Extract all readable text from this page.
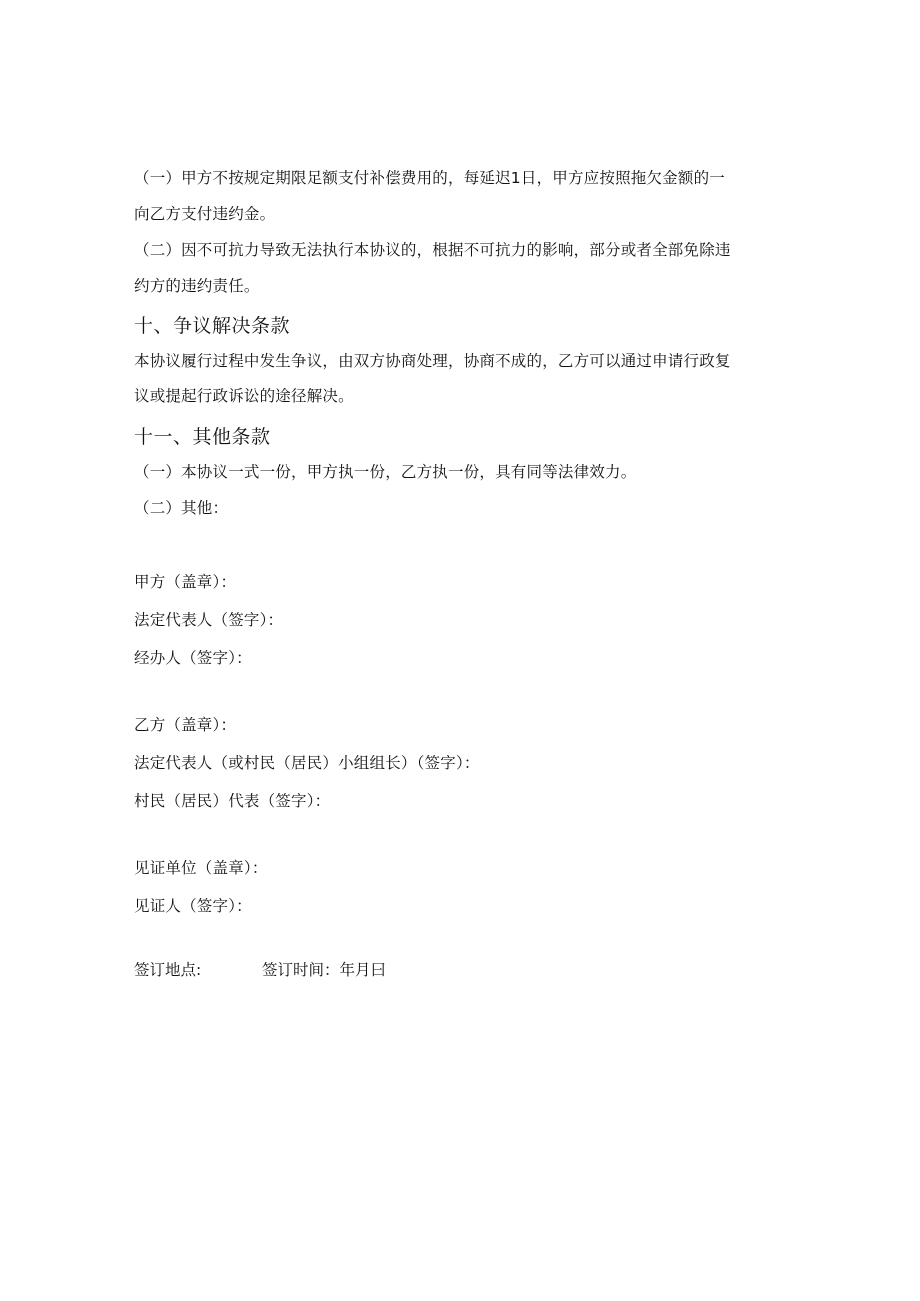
（一）甲方不按规定期限足额支付补偿费用的，每延迟1日，甲方应按照拖欠金额的一
向乙方支付违约金。
（二）因不可抗力导致无法执行本协议的，根据不可抗力的影响，部分或者全部免除违
约方的违约责任。
十、争议解决条款
本协议履行过程中发生争议，由双方协商处理，协商不成的，乙方可以通过申请行政复
议或提起行政诉讼的途径解决。
十一、其他条款
（一）本协议一式一份，甲方执一份，乙方执一份，具有同等法律效力。
（二）其他：
甲方（盖章）：
法定代表人（签字）：
经办人（签字）：
乙方（盖章）：
法定代表人（或村民（居民）小组组长）（签字）：
村民（居民）代表（签字）：
见证单位（盖章）：
见证人（签字）：
签订地点:	签订时间：年月曰
